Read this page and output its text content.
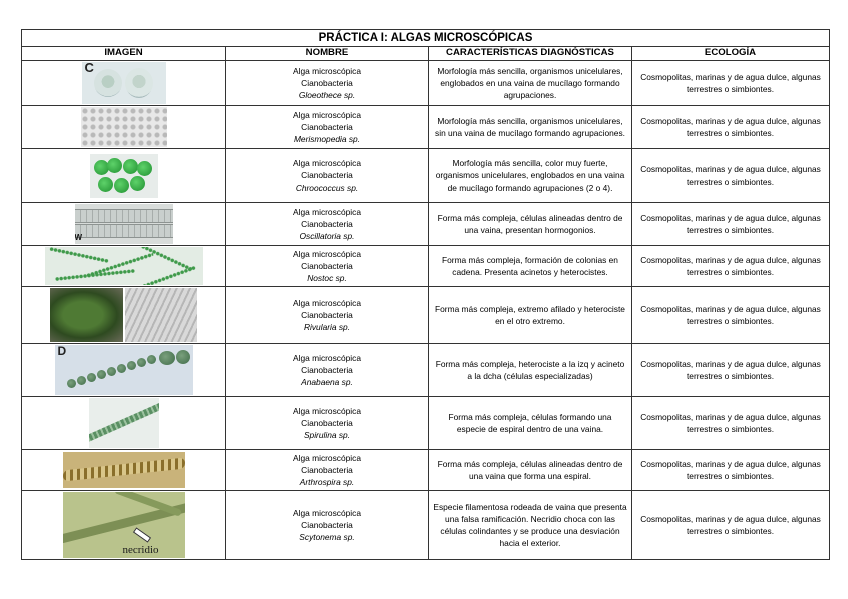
PRÁCTICA I: ALGAS MICROSCÓPICAS			
IMAGEN	NOMBRE	CARACTERÍSTICAS DIAGNÓSTICAS	ECOLOGÍA

C	Alga microscópica
Cianobacteria
Gloeothece sp.	Morfología más sencilla, organismos unicelulares, englobados en una vaina de mucílago formando agrupaciones.	Cosmopolitas, marinas y de agua dulce, algunas terrestres o simbiontes.

	Alga microscópica
Cianobacteria
Merismopedia sp.	Morfología más sencilla, organismos unicelulares, sin una vaina de mucílago formando agrupaciones.	Cosmopolitas, marinas y de agua dulce, algunas terrestres o simbiontes.

	Alga microscópica
Cianobacteria
Chroococcus sp.	Morfología más sencilla, color muy fuerte, organismos unicelulares, englobados en una vaina de mucílago formando agrupaciones (2 o 4).	Cosmopolitas, marinas y de agua dulce, algunas terrestres o simbiontes.

W	Alga microscópica
Cianobacteria
Oscillatoria sp.	Forma más compleja, células alineadas dentro de una vaina, presentan hormogonios.	Cosmopolitas, marinas y de agua dulce, algunas terrestres o simbiontes.

	Alga microscópica
Cianobacteria
Nostoc sp.	Forma más compleja, formación de colonias en cadena. Presenta acinetos y heterocistes.	Cosmopolitas, marinas y de agua dulce, algunas terrestres o simbiontes.

	Alga microscópica
Cianobacteria
Rivularia sp.	Forma más compleja, extremo afilado y heterociste en el otro extremo.	Cosmopolitas, marinas y de agua dulce, algunas terrestres o simbiontes.

D	Alga microscópica
Cianobacteria
Anabaena sp.	Forma más compleja, heterociste a la izq y acineto a la dcha (células especializadas)	Cosmopolitas, marinas y de agua dulce, algunas terrestres o simbiontes.

	Alga microscópica
Cianobacteria
Spirulina sp.	Forma más compleja, células formando una especie de espiral dentro de una vaina.	Cosmopolitas, marinas y de agua dulce, algunas terrestres o simbiontes.

	Alga microscópica
Cianobacteria
Arthrospira sp.	Forma más compleja, células alineadas dentro de una vaina que forma una espiral.	Cosmopolitas, marinas y de agua dulce, algunas terrestres o simbiontes.

necridio	Alga microscópica
Cianobacteria
Scytonema sp.	Especie filamentosa rodeada de vaina que presenta una falsa ramificación. Necridio choca con las células colindantes y se produce una desviación hacia el exterior.	Cosmopolitas, marinas y de agua dulce, algunas terrestres o simbiontes.
